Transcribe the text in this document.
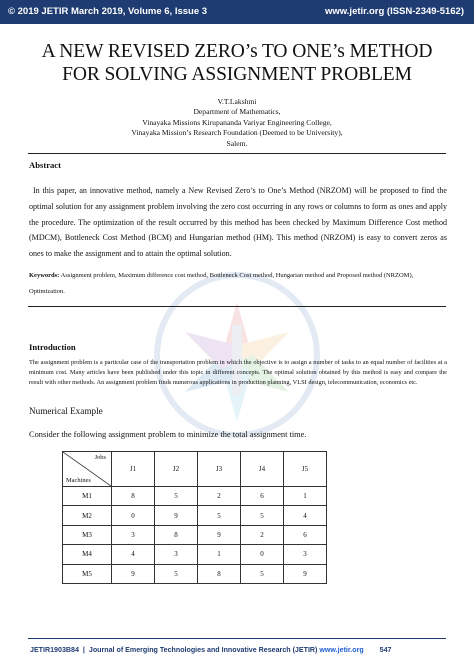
© 2019 JETIR March 2019, Volume 6, Issue 3	www.jetir.org (ISSN-2349-5162)
A NEW REVISED ZERO’s TO ONE’s METHOD
FOR SOLVING ASSIGNMENT PROBLEM
V.T.Lakshmi
Department of Mathematics,
Vinayaka Missions Kirupananda Variyar Engineering College,
Vinayaka Mission’s Research Foundation (Deemed to be University),
Salem.
Abstract
In this paper, an innovative method, namely a New Revised Zero’s to One’s Method (NRZOM) will be proposed to find the optimal solution for any assignment problem involving the zero cost occurring in any rows or columns to form as ones and apply the procedure. The optimization of the result occurred by this method has been checked by Maximum Difference Cost method (MDCM), Bottleneck Cost Method (BCM) and Hungarian method (HM). This method (NRZOM) is easy to convert zeros as ones to make the assignment and to attain the optimal solution.
Keywords: Assignment problem, Maximum difference cost method, Bottleneck Cost method, Hungarian method and Proposed method (NRZOM), Optimization.
Introduction
The assignment problem is a particular case of the transportation problem in which the objective is to assign a number of tasks to an equal number of facilities at a minimum cost. Many articles have been published under this topic in different concepts. The optimal solution obtained by this method is easy and compare the result with other methods. An assignment problem finds numerous applications in production planning, VLSI design, telecommunication, economics etc.
Numerical Example
Consider the following assignment problem to minimize the total assignment time.
Jobs
Machines	J1	J2	J3	J4	J5
M1	8	5	2	6	1
M2	0	9	5	5	4
M3	3	8	9	2	6
M4	4	3	1	0	3
M5	9	5	8	5	9
JETIR1903B84 | Journal of Emerging Technologies and Innovative Research (JETIR) www.jetir.org 547
